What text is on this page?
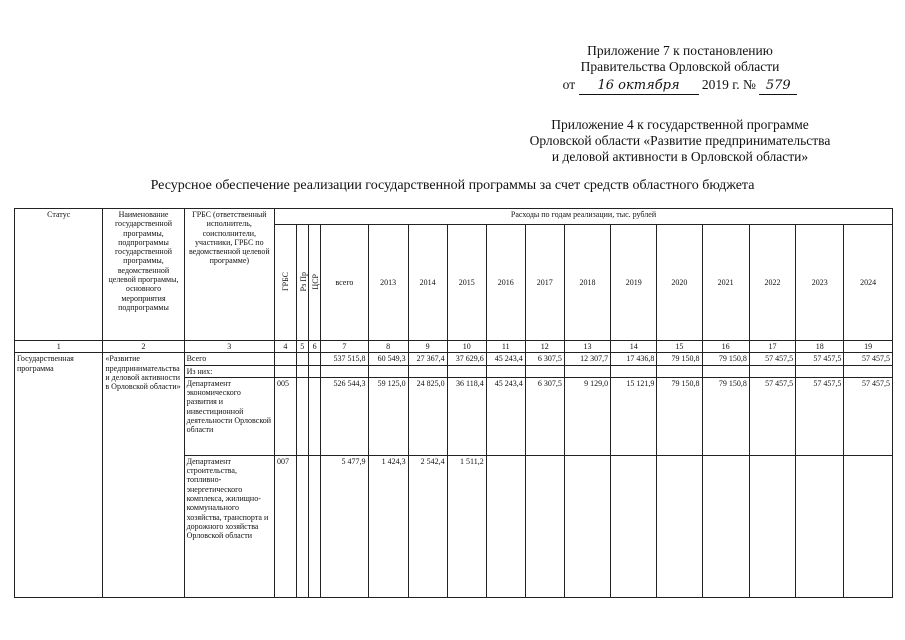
Приложение 7 к постановлению
Правительства Орловской области
от 16 октября 2019 г. № 579
Приложение 4 к государственной программе
Орловской области «Развитие предпринимательства
и деловой активности в Орловской области»
Ресурсное обеспечение реализации государственной программы за счет средств областного бюджета
Статус	Наименование государственной программы, подпрограммы государственной программы, ведомственной целевой программы, основного мероприятия подпрограммы	ГРБС (ответственный исполнитель, соисполнители, участники, ГРБС по ведомственной целевой программе)	Расходы по годам реализации, тыс. рублей															
			ГРБС	Рз Пр	ЦСР	всего	2013	2014	2015	2016	2017	2018	2019	2020	2021	2022	2023	2024
1	2	3	4	5	6	7	8	9	10	11	12	13	14	15	16	17	18	19
Государственная программа	«Развитие предпринимательства и деловой активности в Орловской области»	Всего				537 515,8	60 549,3	27 367,4	37 629,6	45 243,4	6 307,5	12 307,7	17 436,8	79 150,8	79 150,8	57 457,5	57 457,5	57 457,5
		Из них:																
		Департамент экономического развития и инвестиционной деятельности Орловской области	005			526 544,3	59 125,0	24 825,0	36 118,4	45 243,4	6 307,5	9 129,0	15 121,9	79 150,8	79 150,8	57 457,5	57 457,5	57 457,5
		Департамент строительства, топливно-энергетического комплекса, жилищно-коммунального хозяйства, транспорта и дорожного хозяйства Орловской области	007			5 477,9	1 424,3	2 542,4	1 511,2									
